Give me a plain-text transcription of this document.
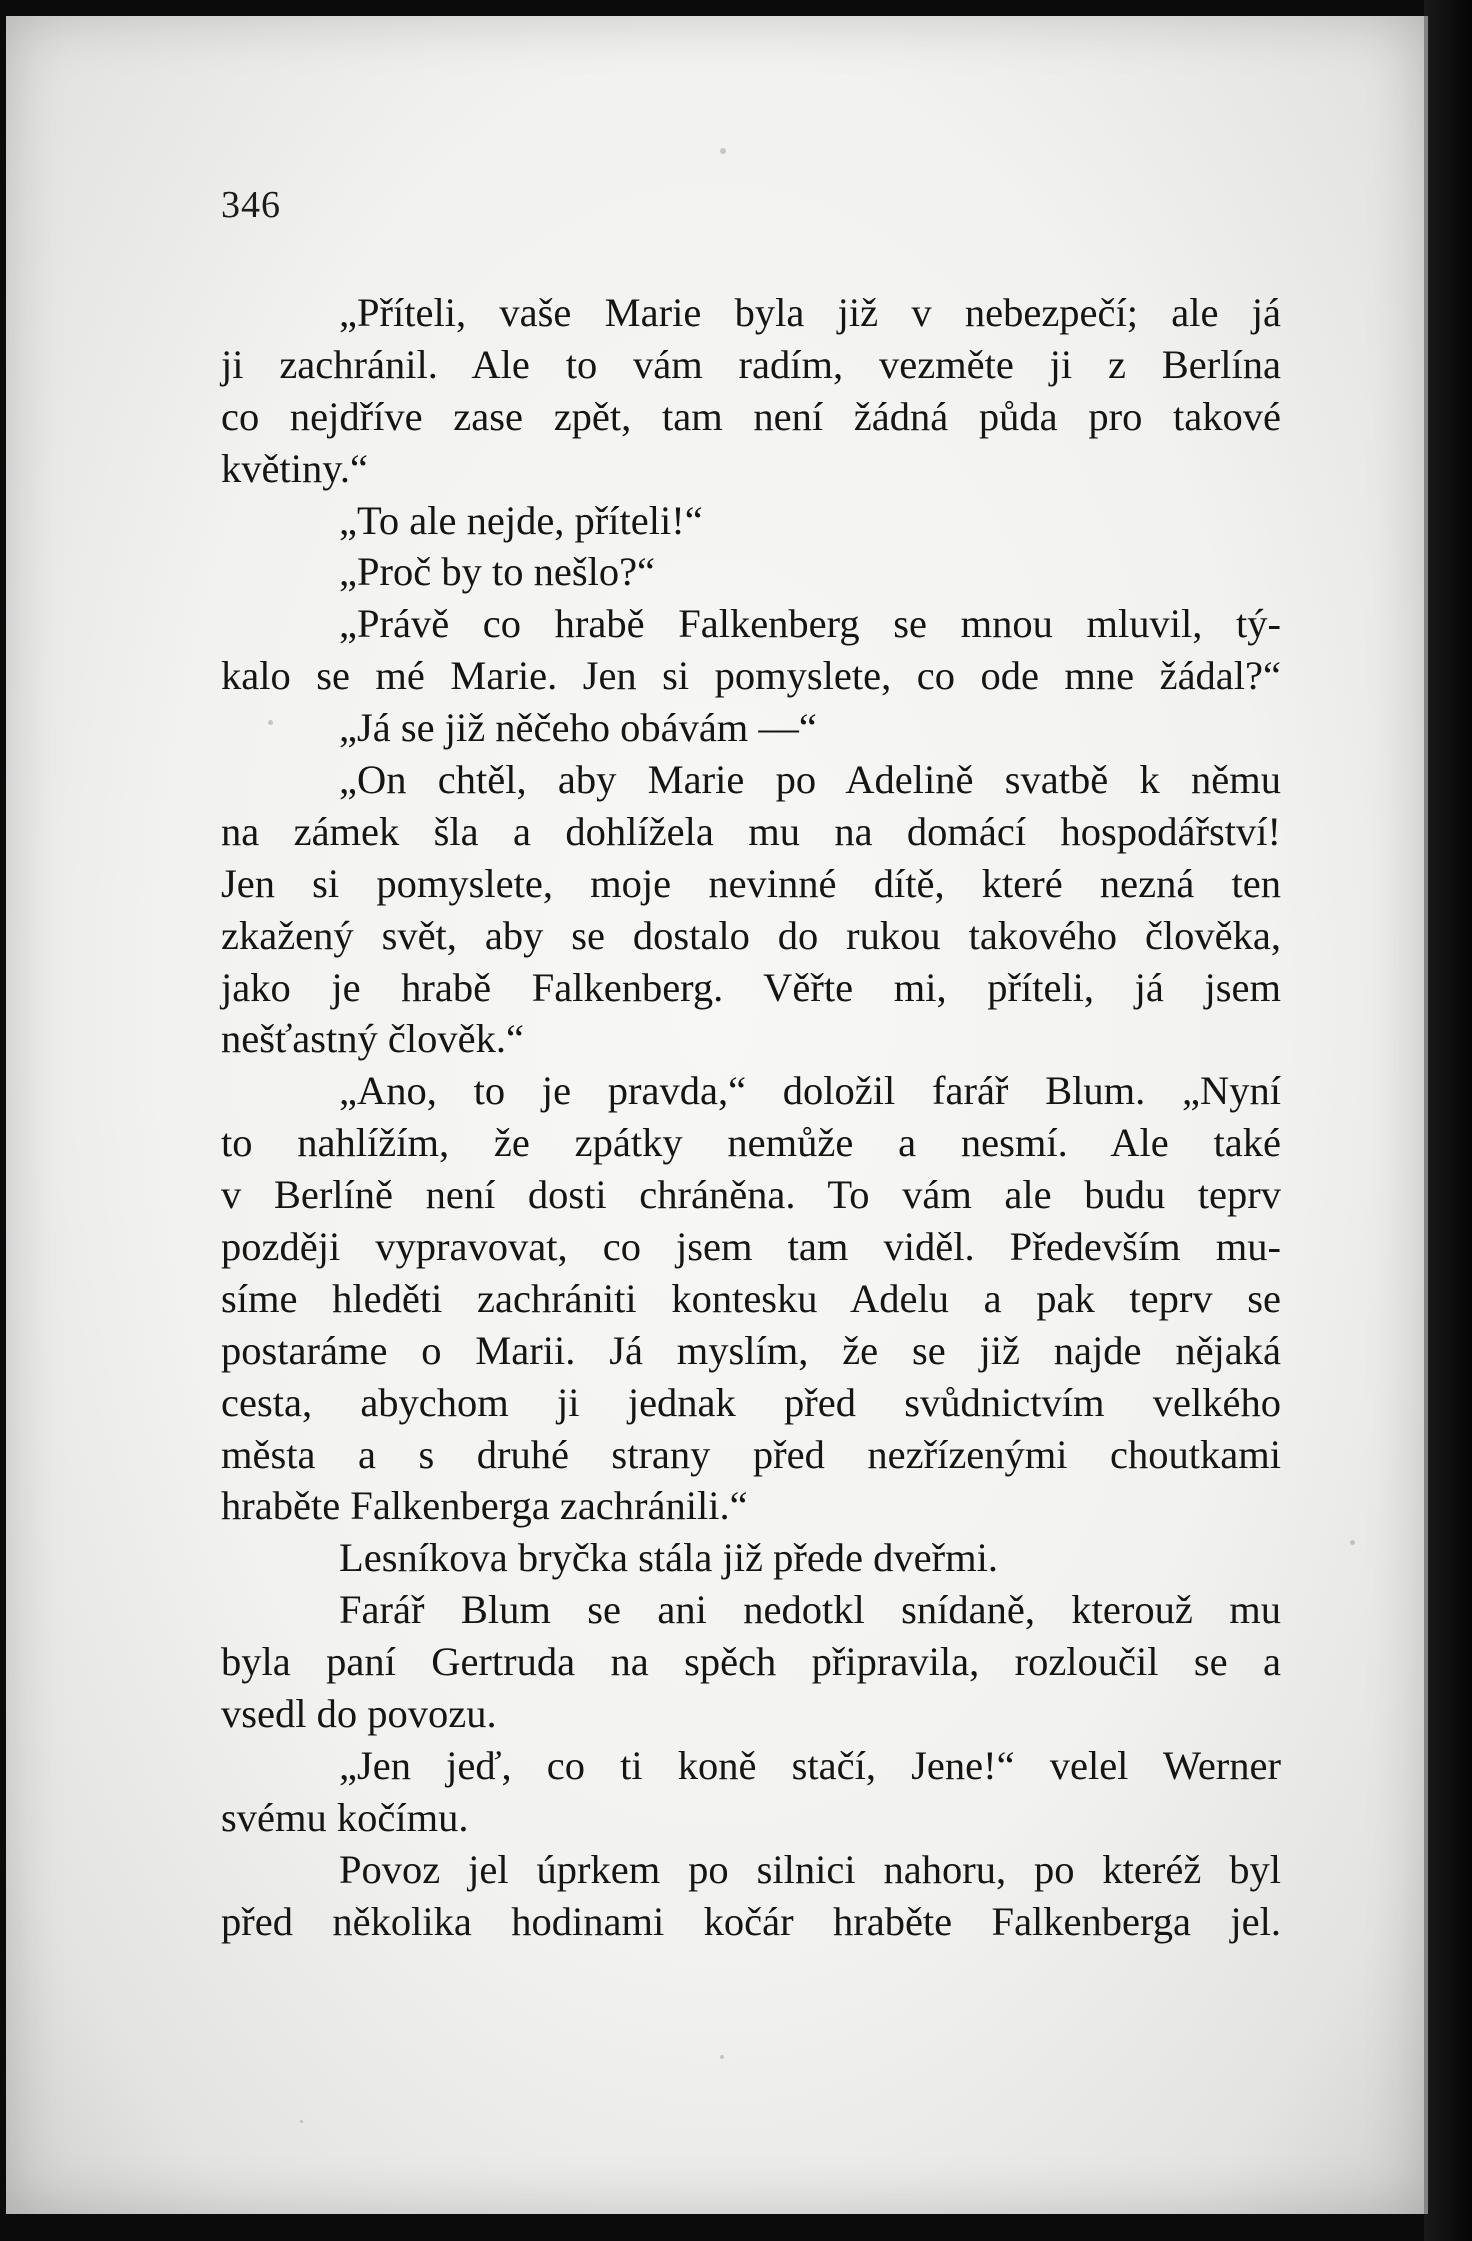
346
„Příteli, vaše Marie byla již v nebezpečí; ale já
ji zachránil. Ale to vám radím, vezměte ji z Berlína
co nejdříve zase zpět, tam není žádná půda pro takové
květiny.“
„To ale nejde, příteli!“
„Proč by to nešlo?“
„Právě co hrabě Falkenberg se mnou mluvil, tý-
kalo se mé Marie. Jen si pomyslete, co ode mne žádal?“
„Já se již něčeho obávám —“
„On chtěl, aby Marie po Adelině svatbě k němu
na zámek šla a dohlížela mu na domácí hospodářství!
Jen si pomyslete, moje nevinné dítě, které nezná ten
zkažený svět, aby se dostalo do rukou takového člověka,
jako je hrabě Falkenberg. Věřte mi, příteli, já jsem
nešťastný člověk.“
„Ano, to je pravda,“ doložil farář Blum. „Nyní
to nahlížím, že zpátky nemůže a nesmí. Ale také
v Berlíně není dosti chráněna. To vám ale budu teprv
později vypravovat, co jsem tam viděl. Především mu-
síme hleděti zachrániti kontesku Adelu a pak teprv se
postaráme o Marii. Já myslím, že se již najde nějaká
cesta, abychom ji jednak před svůdnictvím velkého
města a s druhé strany před nezřízenými choutkami
hraběte Falkenberga zachránili.“
Lesníkova bryčka stála již přede dveřmi.
Farář Blum se ani nedotkl snídaně, kterouž mu
byla paní Gertruda na spěch připravila, rozloučil se a
vsedl do povozu.
„Jen jeď, co ti koně stačí, Jene!“ velel Werner
svému kočímu.
Povoz jel úprkem po silnici nahoru, po kteréž byl
před několika hodinami kočár hraběte Falkenberga jel.
